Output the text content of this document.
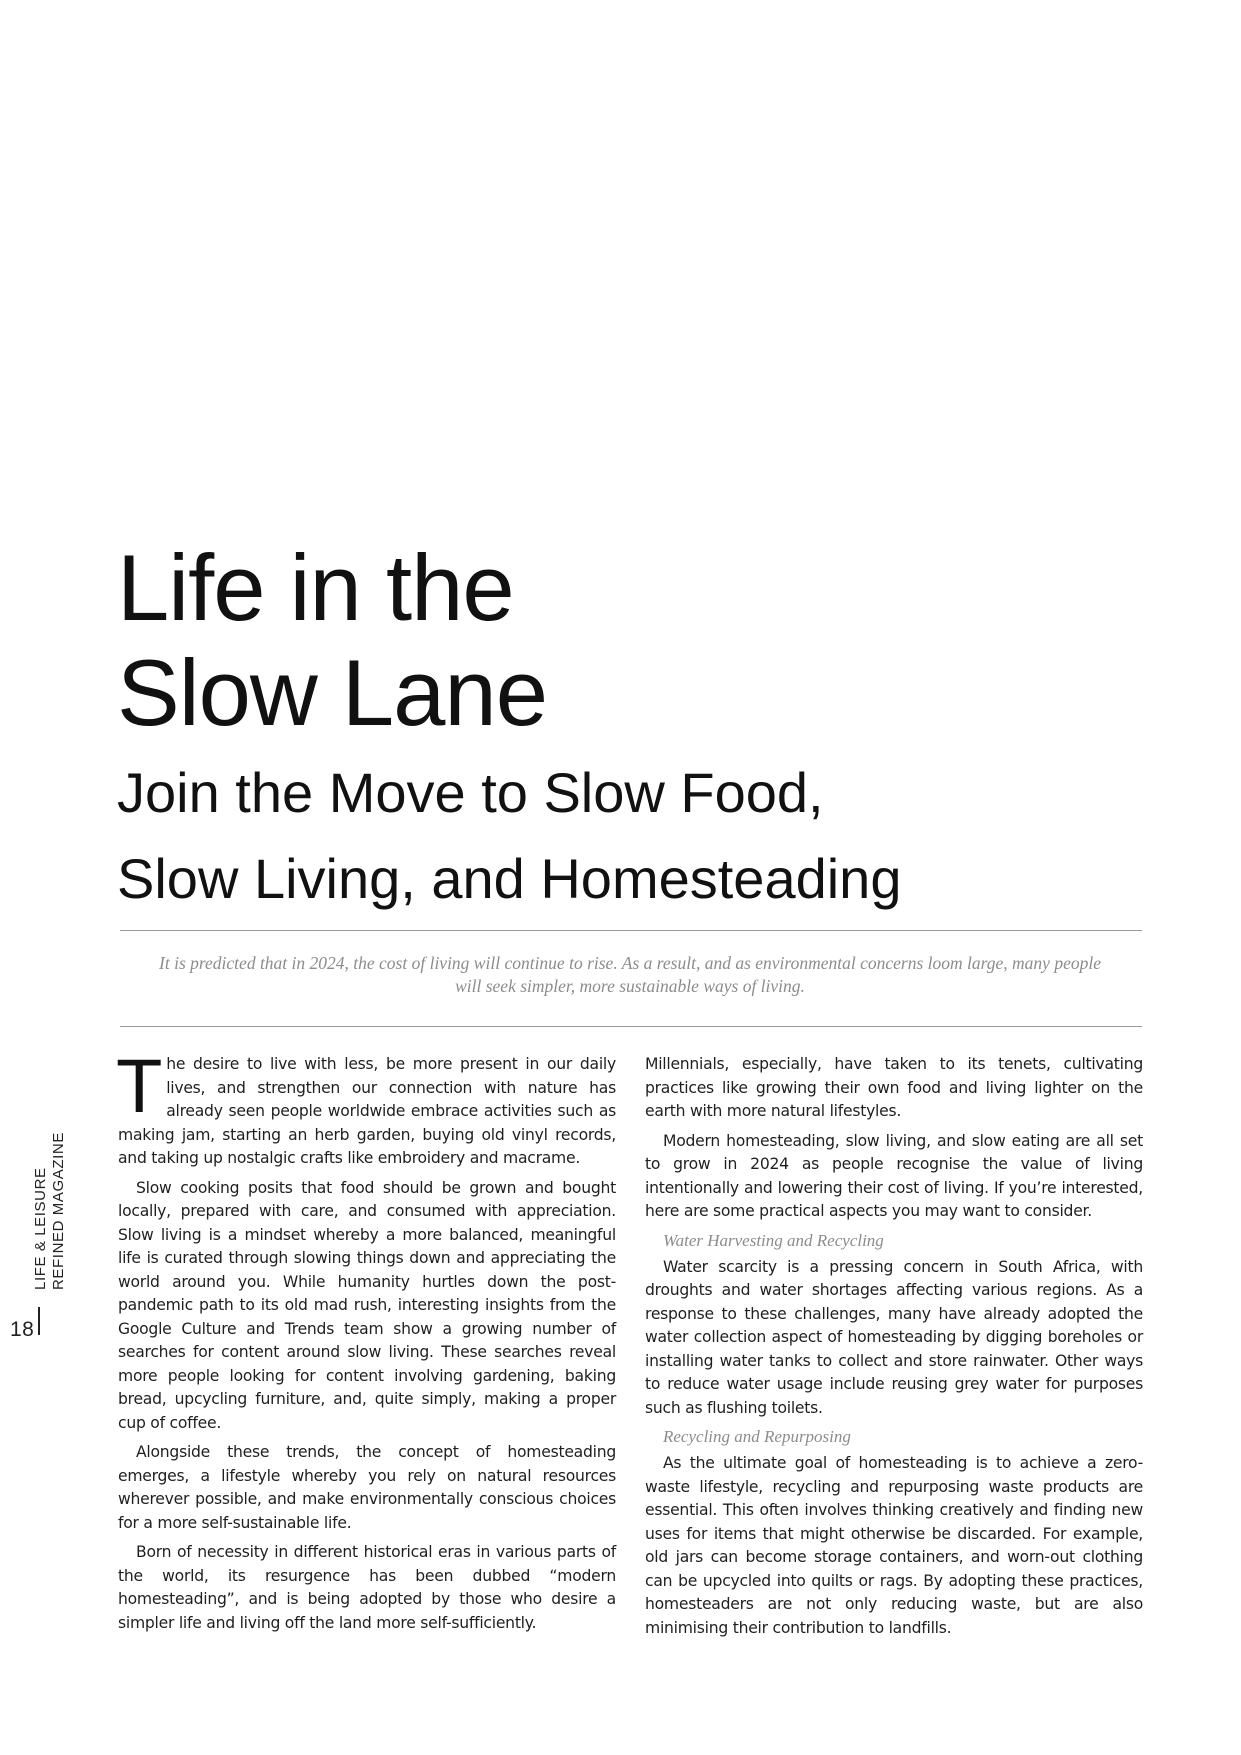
Life in the
Slow Lane
Join the Move to Slow Food,
Slow Living, and Homesteading

It is predicted that in 2024, the cost of living will continue to rise. As a result, and as environmental concerns loom large, many people will seek simpler, more sustainable ways of living.

The desire to live with less, be more present in our daily lives, and strengthen our connection with nature has already seen people worldwide embrace activities such as making jam, starting an herb garden, buying old vinyl records, and taking up nostalgic crafts like embroidery and macrame.

Slow cooking posits that food should be grown and bought locally, prepared with care, and consumed with appreciation. Slow living is a mindset whereby a more balanced, meaningful life is curated through slowing things down and appreciating the world around you. While humanity hurtles down the post-pandemic path to its old mad rush, interesting insights from the Google Culture and Trends team show a growing number of searches for content around slow living. These searches reveal more people looking for content involving gardening, baking bread, upcycling furniture, and, quite simply, making a proper cup of coffee.

Alongside these trends, the concept of homesteading emerges, a lifestyle whereby you rely on natural resources wherever possible, and make environmentally conscious choices for a more self-sustainable life.

Born of necessity in different historical eras in various parts of the world, its resurgence has been dubbed “modern homesteading”, and is being adopted by those who desire a simpler life and living off the land more self-sufficiently.

Millennials, especially, have taken to its tenets, cultivating practices like growing their own food and living lighter on the earth with more natural lifestyles.

Modern homesteading, slow living, and slow eating are all set to grow in 2024 as people recognise the value of living intentionally and lowering their cost of living. If you’re interested, here are some practical aspects you may want to consider.

Water Harvesting and Recycling

Water scarcity is a pressing concern in South Africa, with droughts and water shortages affecting various regions. As a response to these challenges, many have already adopted the water collection aspect of homesteading by digging boreholes or installing water tanks to collect and store rainwater. Other ways to reduce water usage include reusing grey water for purposes such as flushing toilets.

Recycling and Repurposing

As the ultimate goal of homesteading is to achieve a zero-waste lifestyle, recycling and repurposing waste products are essential. This often involves thinking creatively and finding new uses for items that might otherwise be discarded. For example, old jars can become storage containers, and worn-out clothing can be upcycled into quilts or rags. By adopting these practices, homesteaders are not only reducing waste, but are also minimising their contribution to landfills.

LIFE & LEISURE REFINED MAGAZINE
18
